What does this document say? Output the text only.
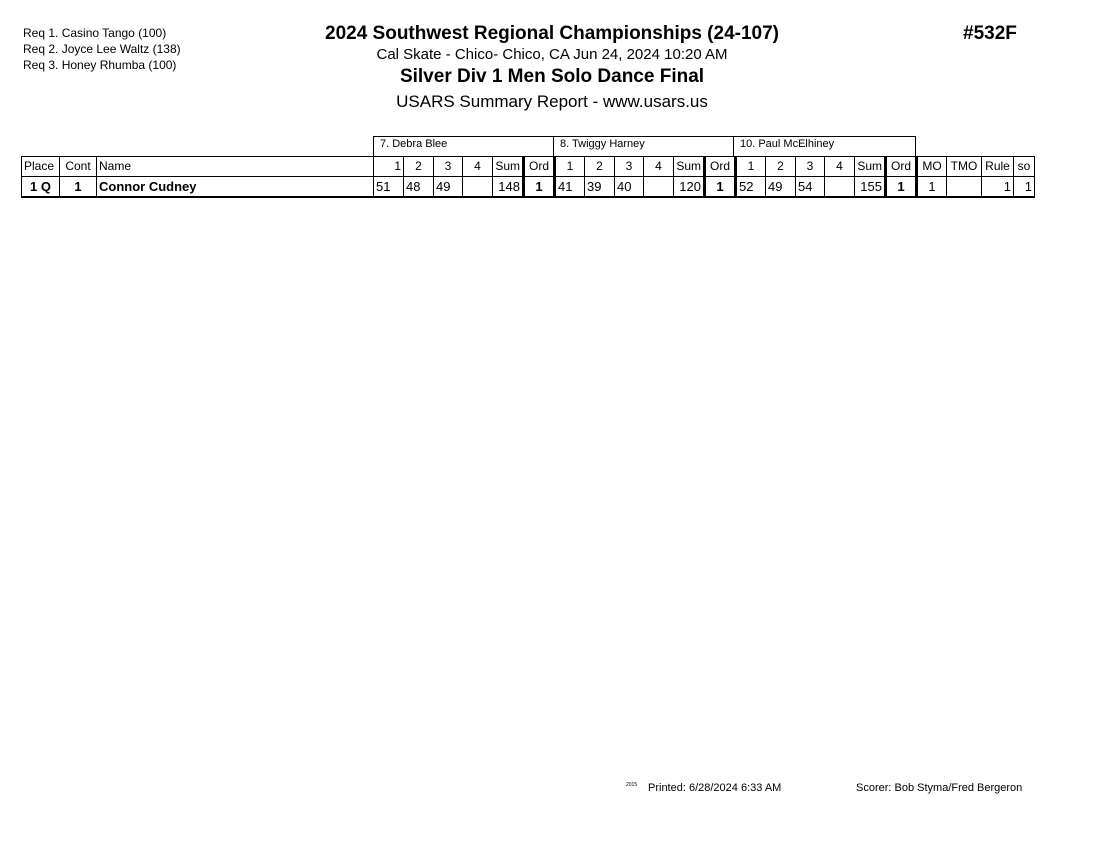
Req 1. Casino Tango (100)
Req 2. Joyce Lee Waltz (138)
Req 3. Honey Rhumba (100)
2024 Southwest Regional Championships (24-107)
Cal Skate - Chico- Chico, CA Jun 24, 2024 10:20 AM
Silver Div 1 Men Solo Dance Final
USARS Summary Report - www.usars.us
#532F
7. Debra Blee	8. Twiggy Harney	10. Paul McElhiney
Place	Cont	Name	1	2	3	4	Sum	Ord	1	2	3	4	Sum	Ord	1	2	3	4	Sum	Ord	MO	TMO	Rule	so
1 Q	1	Connor Cudney	51	48	49		148	1	41	39	40		120	1	52	49	54		155	1	1		1	1
2015 Printed: 6/28/2024 6:33 AM	Scorer: Bob Styma/Fred Bergeron
